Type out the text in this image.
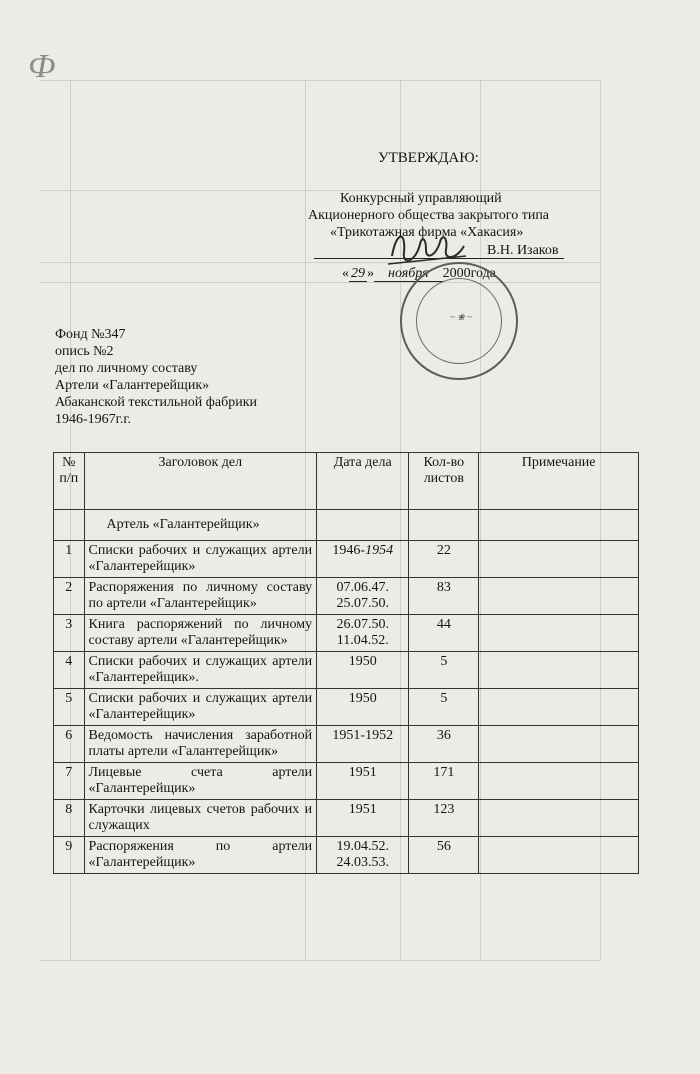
Ф
УТВЕРЖДАЮ:
Конкурсный управляющий
Акционерного общества закрытого типа
«Трикотажная фирма «Хакасия»
В.Н. Изаков
« 29 » ноября 2000года
~ ❀ ~
Фонд №347
опись №2
дел по личному составу
Артели «Галантерейщик»
Абаканской текстильной фабрики
1946-1967г.г.
№ п/п	Заголовок дел	Дата дела	Кол-во листов	Примечание
	Артель «Галантерейщик»			
1	Списки рабочих и служащих артели «Галантерейщик»	1946-1954	22	
2	Распоряжения по личному составу по артели «Галантерейщик»	07.06.47. 25.07.50.	83	
3	Книга распоряжений по личному составу артели «Галантерейщик»	26.07.50. 11.04.52.	44	
4	Списки рабочих и служащих артели «Галантерейщик».	1950	5	
5	Списки рабочих и служащих артели «Галантерейщик»	1950	5	
6	Ведомость начисления заработной платы артели «Галантерейщик»	1951-1952	36	
7	Лицевые счета артели «Галантерейщик»	1951	171	
8	Карточки лицевых счетов рабочих и служащих	1951	123	
9	Распоряжения по артели «Галантерейщик»	19.04.52. 24.03.53.	56	
